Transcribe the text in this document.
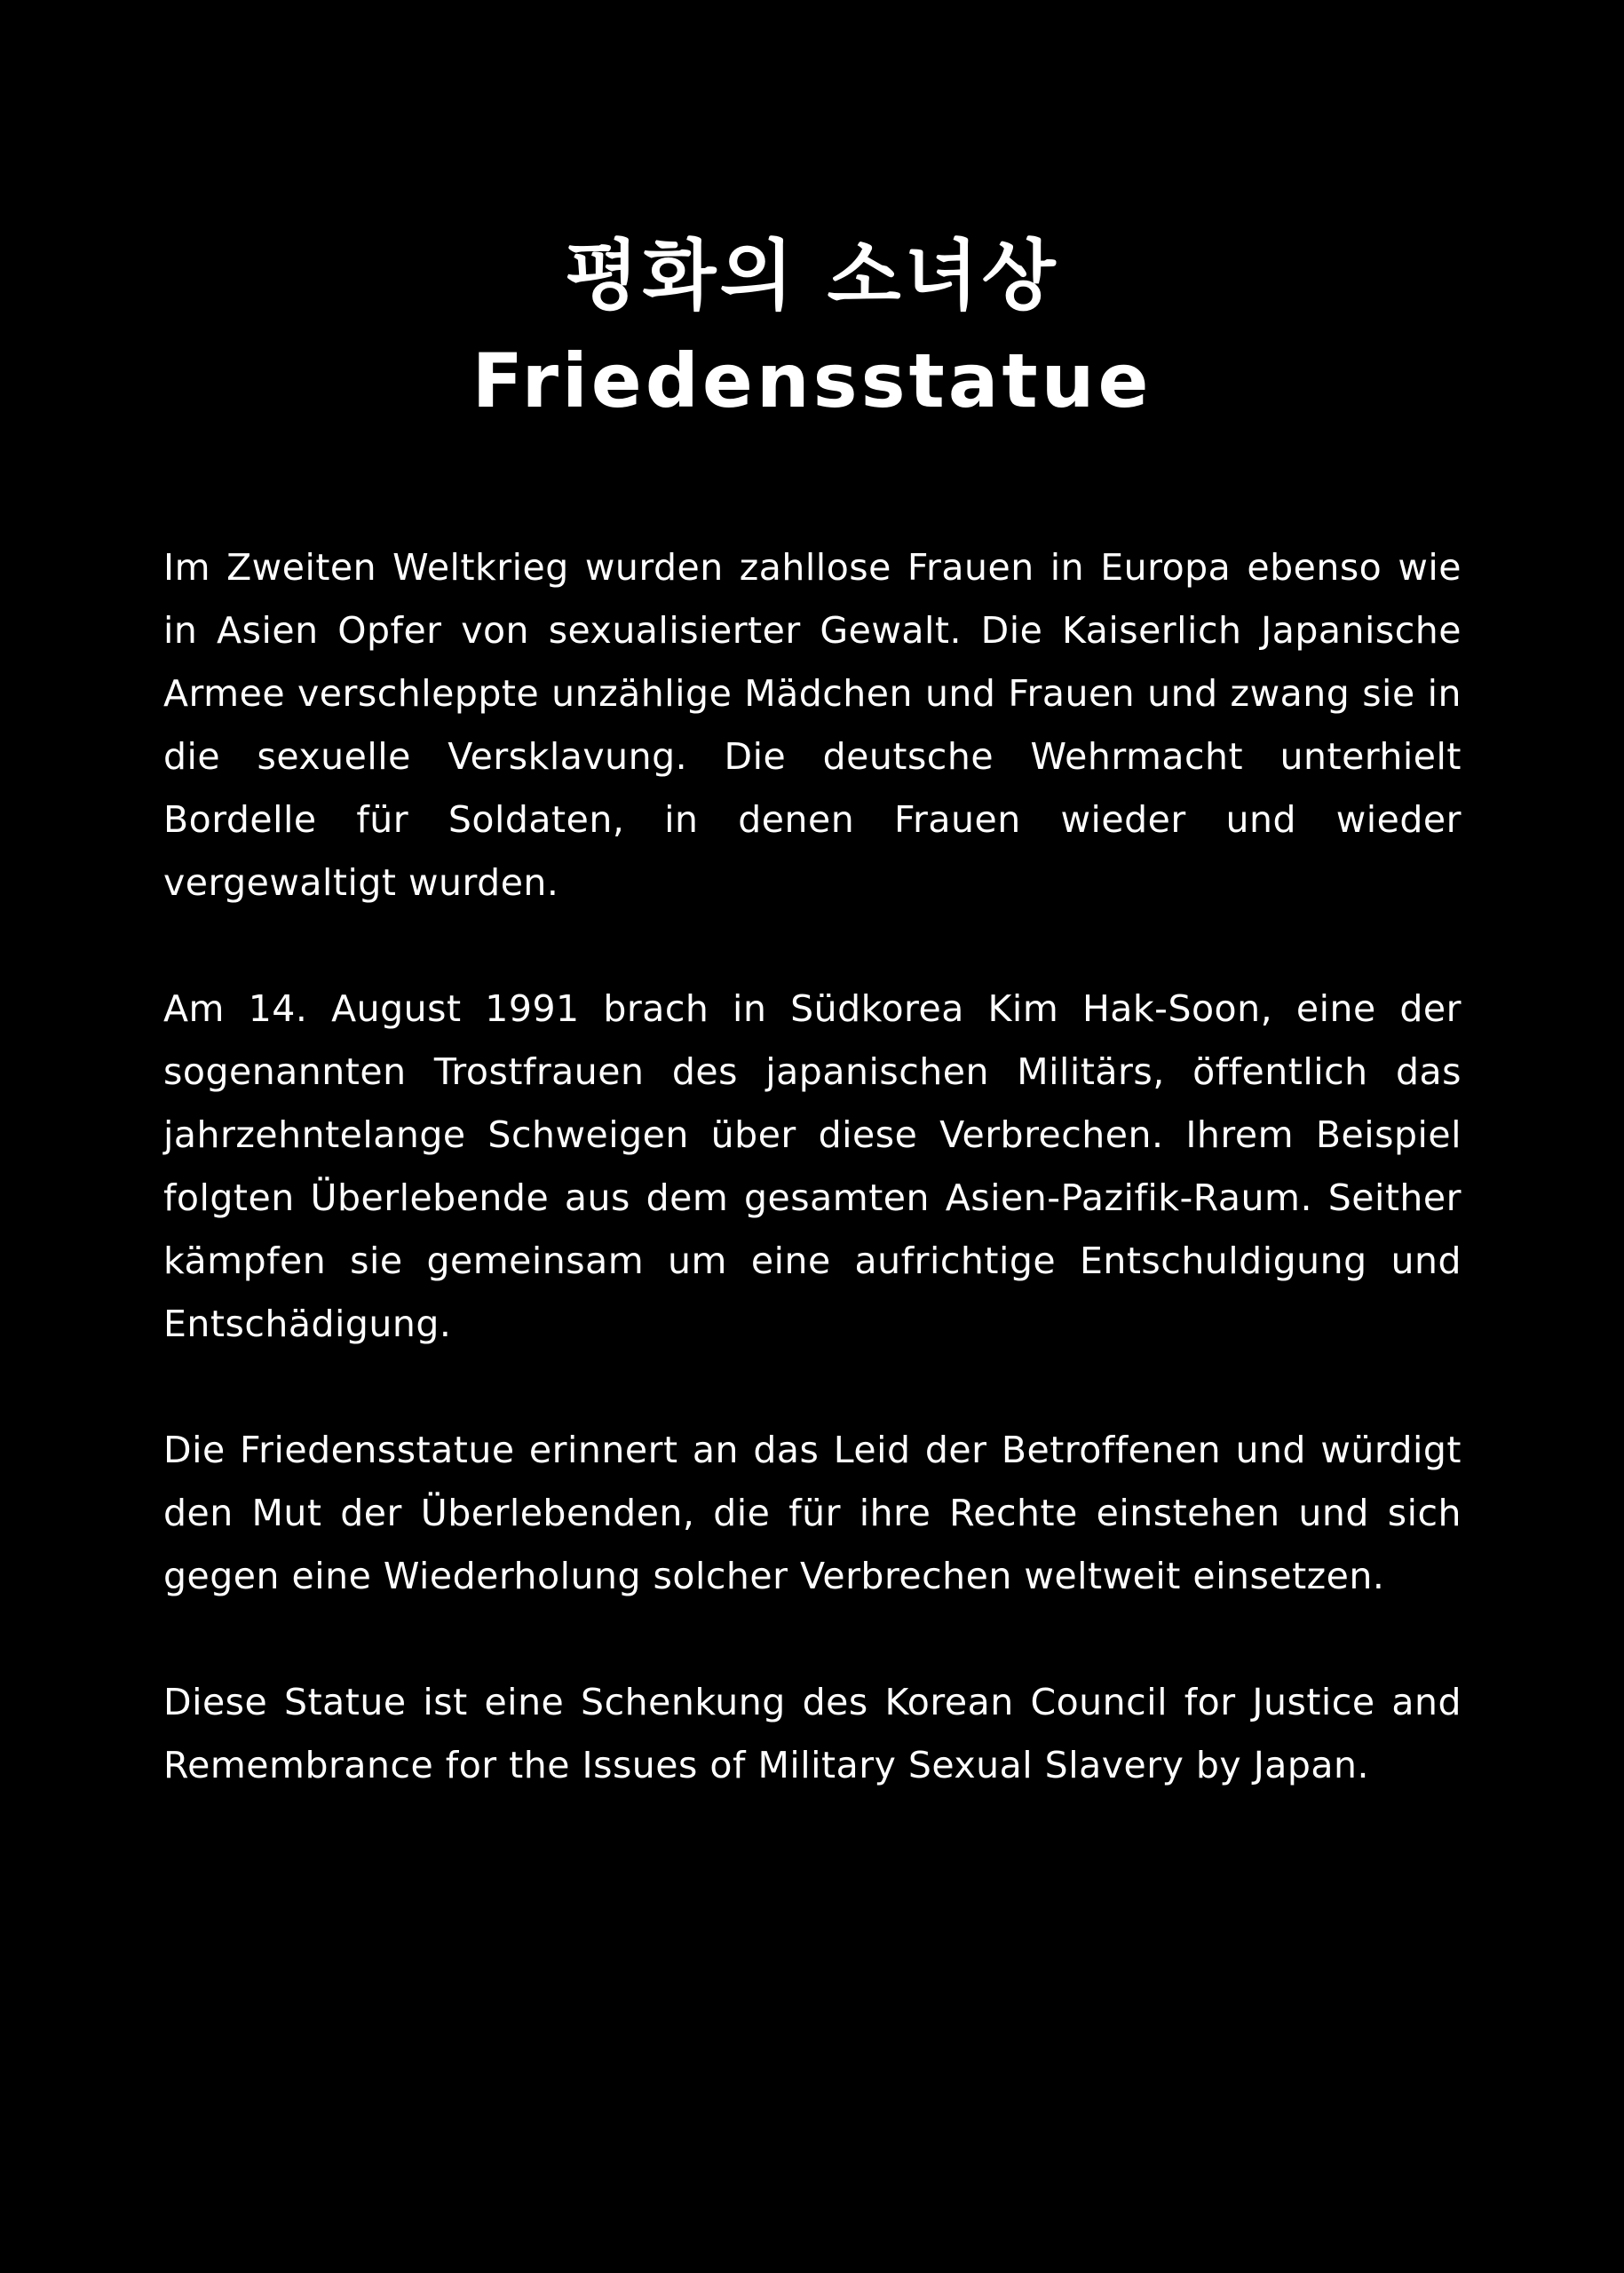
평화의 소녀상
Friedensstatue

Im Zweiten Weltkrieg wurden zahllose Frauen in Europa ebenso wie in Asien Opfer von sexualisierter Gewalt. Die Kaiserlich Japanische Armee verschleppte unzählige Mädchen und Frauen und zwang sie in die sexuelle Versklavung. Die deutsche Wehrmacht unterhielt Bordelle für Soldaten, in denen Frauen wieder und wieder vergewaltigt wurden.

Am 14. August 1991 brach in Südkorea Kim Hak-Soon, eine der sogenannten Trostfrauen des japanischen Militärs, öffentlich das jahrzehntelange Schweigen über diese Verbrechen. Ihrem Beispiel folgten Überlebende aus dem gesamten Asien-Pazifik-Raum. Seither kämpfen sie gemeinsam um eine aufrichtige Entschuldigung und Entschädigung.

Die Friedensstatue erinnert an das Leid der Betroffenen und würdigt den Mut der Überlebenden, die für ihre Rechte einstehen und sich gegen eine Wiederholung solcher Verbrechen weltweit einsetzen.

Diese Statue ist eine Schenkung des Korean Council for Justice and Remembrance for the Issues of Military Sexual Slavery by Japan.
